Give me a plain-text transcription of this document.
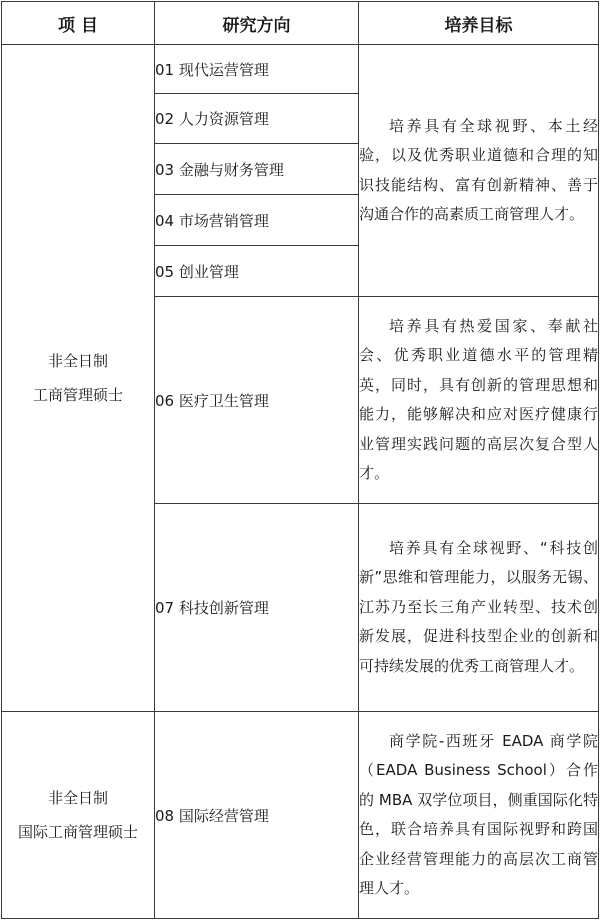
项 目	研究方向	培养目标

非全日制
工商管理硕士	01 现代运营管理	培养具有全球视野、本土经验，以及优秀职业道德和合理的知识技能结构、富有创新精神、善于沟通合作的高素质工商管理人才。

	02 人力资源管理	
	03 金融与财务管理	
	04 市场营销管理	
	05 创业管理	
	06 医疗卫生管理	培养具有热爱国家、奉献社会、优秀职业道德水平的管理精英，同时，具有创新的管理思想和能力，能够解决和应对医疗健康行业管理实践问题的高层次复合型人才。

	07 科技创新管理	培养具有全球视野、“科技创新”思维和管理能力，以服务无锡、江苏乃至长三角产业转型、技术创新发展，促进科技型企业的创新和可持续发展的优秀工商管理人才。

非全日制
国际工商管理硕士	08 国际经营管理	商学院-西班牙 EADA 商学院（EADA Business School）合作的 MBA 双学位项目，侧重国际化特色，联合培养具有国际视野和跨国企业经营管理能力的高层次工商管理人才。
